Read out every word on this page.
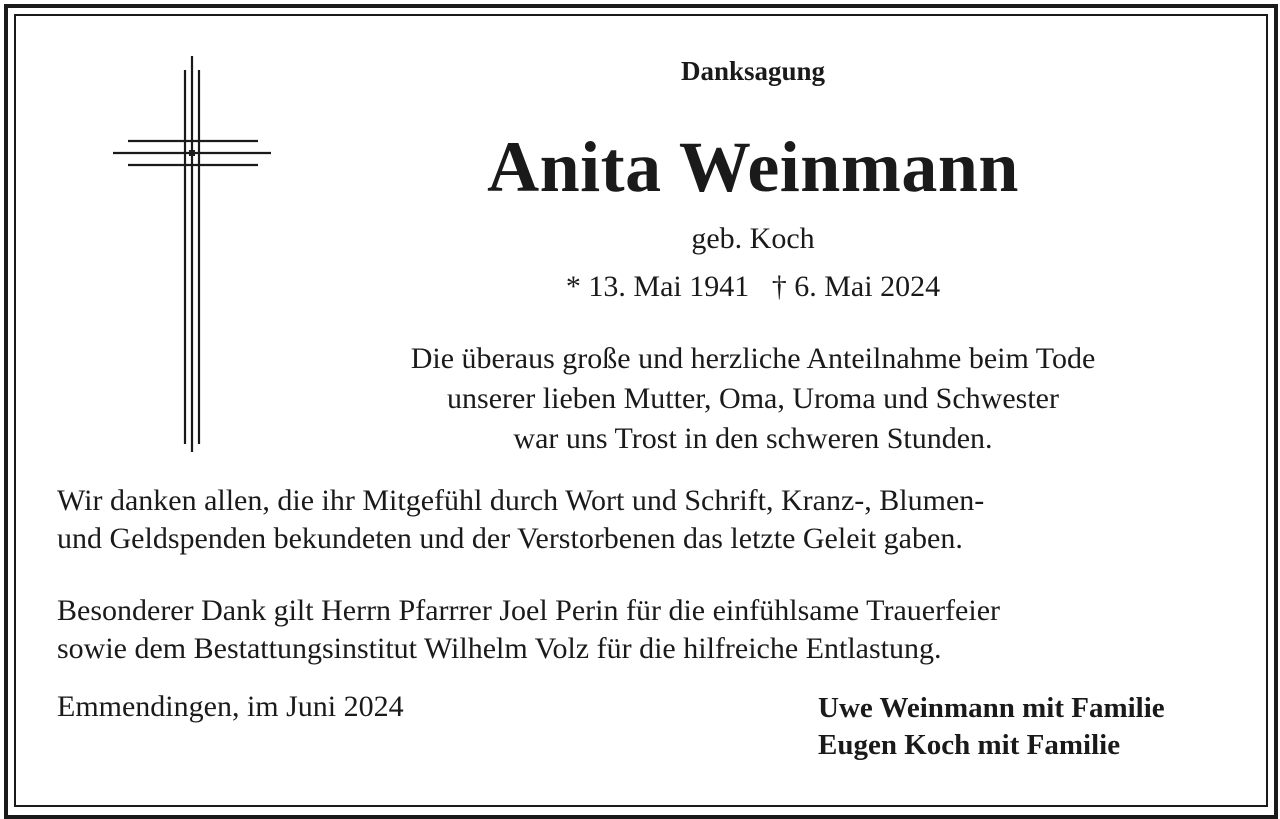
Danksagung
Anita Weinmann
geb. Koch
* 13. Mai 1941   † 6. Mai 2024
Die überaus große und herzliche Anteilnahme beim Tode
unserer lieben Mutter, Oma, Uroma und Schwester
war uns Trost in den schweren Stunden.
Wir danken allen, die ihr Mitgefühl durch Wort und Schrift, Kranz-, Blumen-
und Geldspenden bekundeten und der Verstorbenen das letzte Geleit gaben.
Besonderer Dank gilt Herrn Pfarrrer Joel Perin für die einfühlsame Trauerfeier
sowie dem Bestattungsinstitut Wilhelm Volz für die hilfreiche Entlastung.
Emmendingen, im Juni 2024	Uwe Weinmann mit Familie
Eugen Koch mit Familie
